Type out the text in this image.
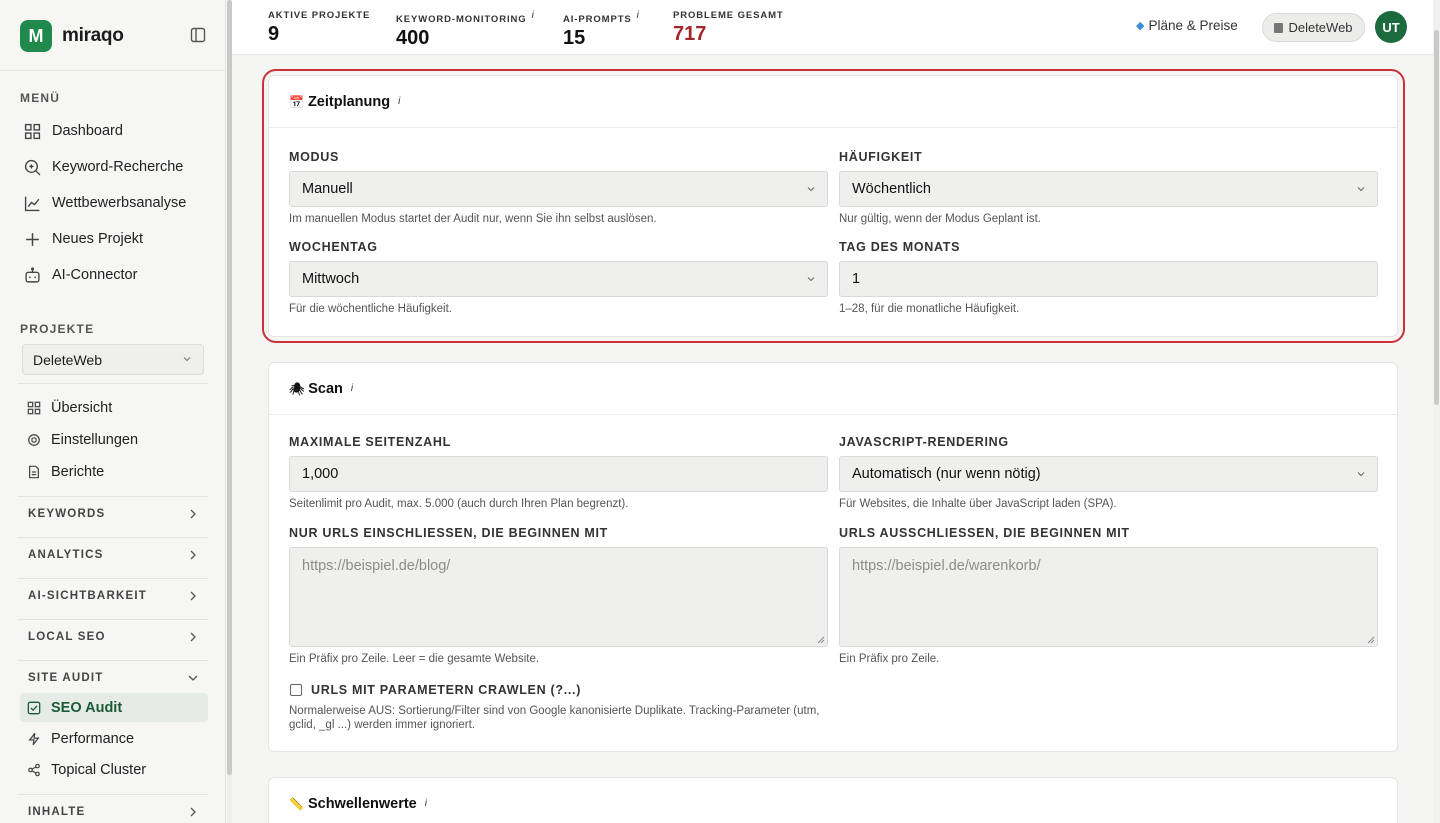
M miraqo
MENÜ
Dashboard
Keyword-Recherche
Wettbewerbsanalyse
Neues Projekt
AI-Connector
PROJEKTE
DeleteWeb
Übersicht
Einstellungen
Berichte
KEYWORDS
ANALYTICS
AI-SICHTBARKEIT
LOCAL SEO
SITE AUDIT
SEO Audit
Performance
Topical Cluster
INHALTE
AKTIVE PROJEKTE
9
KEYWORD-MONITORING $^i$
400
AI-PROMPTS $^i$
15
PROBLEME GESAMT
717	◆ Pläne & Preise	DeleteWeb	UT
📅 Zeitplanung i
MODUS
Manuell
Im manuellen Modus startet der Audit nur, wenn Sie ihn selbst auslösen.
HÄUFIGKEIT
Wöchentlich
Nur gültig, wenn der Modus Geplant ist.
WOCHENTAG
Mittwoch
Für die wöchentliche Häufigkeit.
TAG DES MONATS
1
1–28, für die monatliche Häufigkeit.
🕷 Scan i
MAXIMALE SEITENZAHL
1,000
Seitenlimit pro Audit, max. 5.000 (auch durch Ihren Plan begrenzt).
JAVASCRIPT-RENDERING
Automatisch (nur wenn nötig)
Für Websites, die Inhalte über JavaScript laden (SPA).
NUR URLS EINSCHLIESSEN, DIE BEGINNEN MIT
https://beispiel.de/blog/
Ein Präfix pro Zeile. Leer = die gesamte Website.
URLS AUSSCHLIESSEN, DIE BEGINNEN MIT
https://beispiel.de/warenkorb/
Ein Präfix pro Zeile.
URLS MIT PARAMETERN CRAWLEN (?...)
Normalerweise AUS: Sortierung/Filter sind von Google kanonisierte Duplikate. Tracking-Parameter (utm, gclid, _gl ...) werden immer ignoriert.
📏 Schwellenwerte i
